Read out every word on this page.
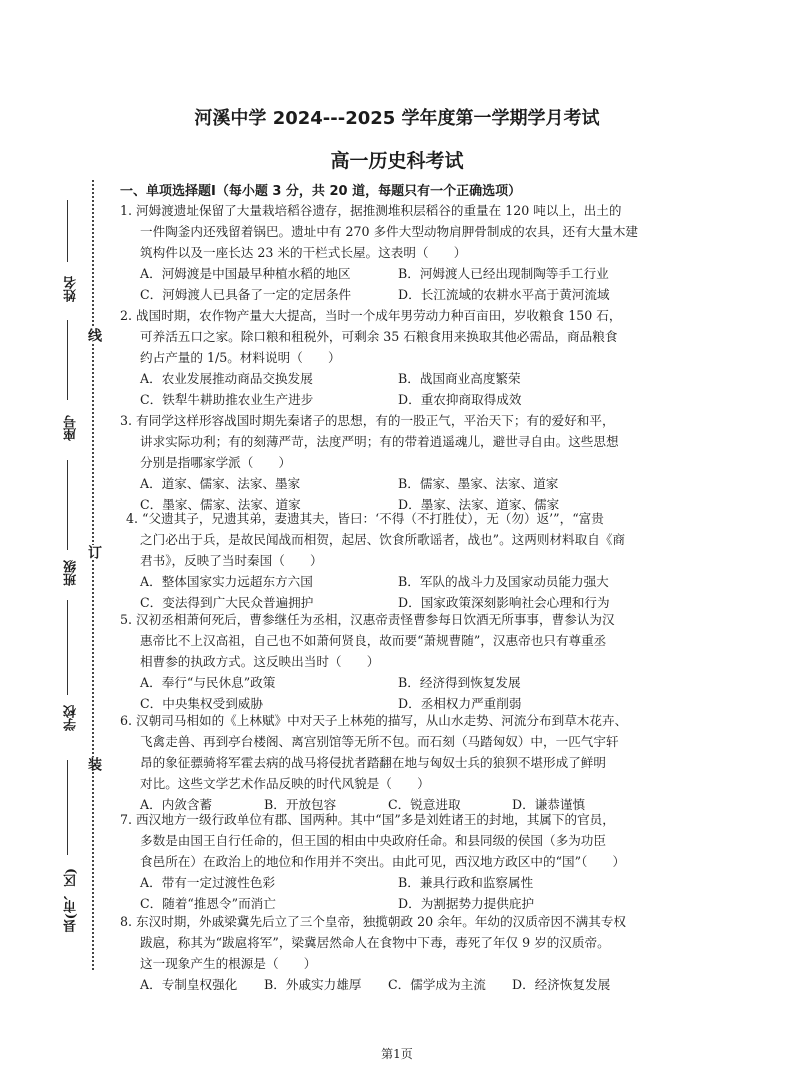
河溪中学 2024---2025 学年度第一学期学月考试
高一历史科考试
一、单项选择题Ⅰ（每小题 3 分，共 20 道，每题只有一个正确选项）
1. 河姆渡遗址保留了大量栽培稻谷遗存，据推测堆积层稻谷的重量在 120 吨以上，出土的
一件陶釜内还残留着锅巴。遗址中有 270 多件大型动物肩胛骨制成的农具，还有大量木建
筑构件以及一座长达 23 米的干栏式长屋。这表明（　　）
A．河姆渡是中国最早种植水稻的地区	B．河姆渡人已经出现制陶等手工行业
C．河姆渡人已具备了一定的定居条件	D．长江流域的农耕水平高于黄河流域
2. 战国时期，农作物产量大大提高，当时一个成年男劳动力种百亩田，岁收粮食 150 石，
可养活五口之家。除口粮和租税外，可剩余 35 石粮食用来换取其他必需品，商品粮食
约占产量的 1/5。材料说明（　　）
A．农业发展推动商品交换发展	B．战国商业高度繁荣
C．铁犁牛耕助推农业生产进步	D．重农抑商取得成效
3. 有同学这样形容战国时期先秦诸子的思想，有的一股正气，平治天下；有的爱好和平，
讲求实际功利；有的刻薄严苛，法度严明；有的带着逍遥魂儿，避世寻自由。这些思想
分别是指哪家学派（　　）
A．道家、儒家、法家、墨家	B．儒家、墨家、法家、道家
C．墨家、儒家、法家、道家	D．墨家、法家、道家、儒家
4. “父遗其子，兄遗其弟，妻遗其夫，皆曰：‘不得（不打胜仗），无（勿）返’”，“富贵
之门必出于兵，是故民闻战而相贺，起居、饮食所歌谣者，战也”。这两则材料取自《商
君书》，反映了当时秦国（　　）
A．整体国家实力远超东方六国	B．军队的战斗力及国家动员能力强大
C．变法得到广大民众普遍拥护	D．国家政策深刻影响社会心理和行为
5. 汉初丞相萧何死后，曹参继任为丞相，汉惠帝责怪曹参每日饮酒无所事事，曹参认为汉
惠帝比不上汉高祖，自己也不如萧何贤良，故而要“萧规曹随”，汉惠帝也只有尊重丞
相曹参的执政方式。这反映出当时（　　）
A．奉行“与民休息”政策	B．经济得到恢复发展
C．中央集权受到威胁	D．丞相权力严重削弱
6. 汉朝司马相如的《上林赋》中对天子上林苑的描写，从山水走势、河流分布到草木花卉、
飞禽走兽、再到亭台楼阁、离宫别馆等无所不包。而石刻（马踏匈奴）中，一匹气宇轩
昂的象征骠骑将军霍去病的战马将侵扰者踏翻在地与匈奴士兵的狼狈不堪形成了鲜明
对比。这些文学艺术作品反映的时代风貌是（　　）
A．内敛含蓄	B．开放包容	C．锐意进取	D．谦恭谨慎
7. 西汉地方一级行政单位有郡、国两种。其中“国”多是刘姓诸王的封地，其属下的官员，
多数是由国王自行任命的，但王国的相由中央政府任命。和县同级的侯国（多为功臣
食邑所在）在政治上的地位和作用并不突出。由此可见，西汉地方政区中的“国”（　　）
A．带有一定过渡性色彩	B．兼具行政和监察属性
C．随着“推恩令”而消亡	D．为割据势力提供庇护
8. 东汉时期，外戚梁冀先后立了三个皇帝，独揽朝政 20 余年。年幼的汉质帝因不满其专权
跋扈，称其为“跋扈将军”，梁冀居然命人在食物中下毒，毒死了年仅 9 岁的汉质帝。
这一现象产生的根源是（　　）
A．专制皇权强化 B．外戚实力雄厚 C．儒学成为主流 D．经济恢复发展
姓名
座号
班级
学校
县(市、区)
线
订
装
第1页
